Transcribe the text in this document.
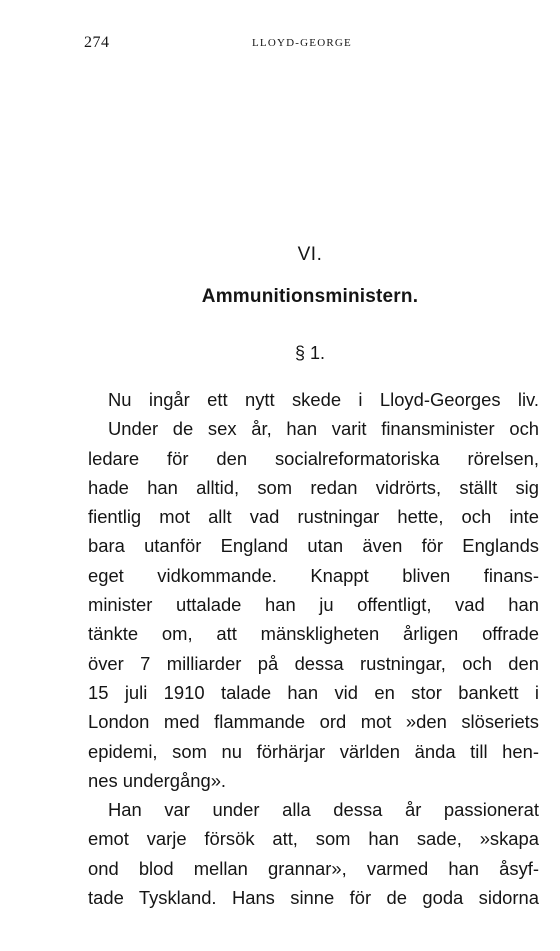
274	LLOYD-GEORGE
VI.
Ammunitionsministern.
§ 1.
Nu ingår ett nytt skede i Lloyd-Georges liv.
Under de sex år, han varit finansminister och
ledare för den socialreformatoriska rörelsen,
hade han alltid, som redan vidrörts, ställt sig
fientlig mot allt vad rustningar hette, och inte
bara utanför England utan även för Englands
eget vidkommande. Knappt bliven finans-
minister uttalade han ju offentligt, vad han
tänkte om, att mänskligheten årligen offrade
över 7 milliarder på dessa rustningar, och den
15 juli 1910 talade han vid en stor bankett i
London med flammande ord mot »den slöseriets
epidemi, som nu förhärjar världen ända till hen-
nes undergång».
Han var under alla dessa år passionerat
emot varje försök att, som han sade, »skapa
ond blod mellan grannar», varmed han åsyf-
tade Tyskland. Hans sinne för de goda sidorna
